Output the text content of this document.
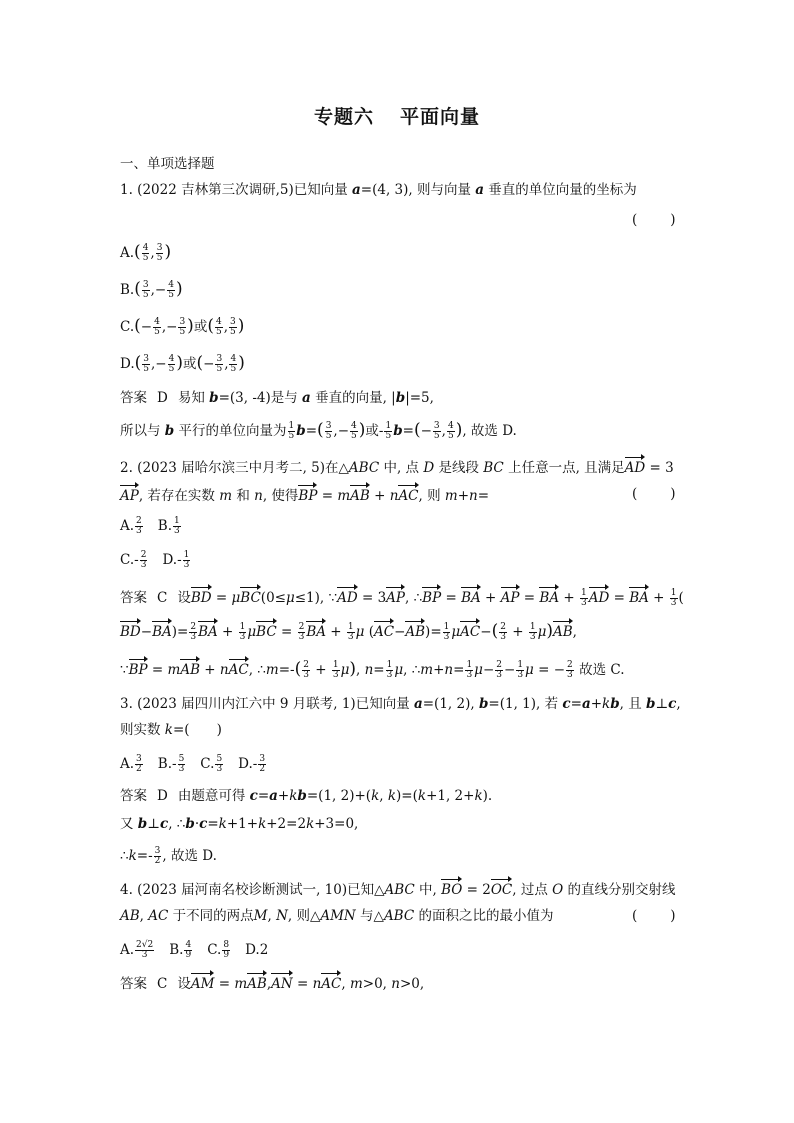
专题六 平面向量
一、单项选择题
1. (2022 吉林第三次调研,5)已知向量 a=(4, 3), 则与向量 a 垂直的单位向量的坐标为
(　　)
$A.( \frac{4}{5}$ , $\frac{3}{5}$ )
$B.( \frac{3}{5}$ ,− $\frac{4}{5}$ )
$C.(- \frac{4}{5}$ ,− $\frac{3}{5}$ )或( $\frac{4}{5}$ , $\frac{3}{5}$ )
$D.( \frac{3}{5}$ ,− $\frac{4}{5}$ )或(− $\frac{3}{5}$ , $\frac{4}{5}$ )
答案 D 易知 b=(3, -4)是与 a 垂直的向量, |b|=5,
所以与 b 平行的单位向量为 $\frac{1}{5} b=( \frac{3}{5}$ ,− $\frac{4}{5}$ )或- $\frac{1}{5} b=(- \frac{3}{5}$ , $\frac{4}{5}$ ), 故选 D.
2. (2023 届哈尔滨三中月考二, 5)在△ABC 中, 点 D 是线段 BC 上任意一点, 且满足AD = 3
AP, 若存在实数 m 和 n, 使得BP = mAB + nAC, 则 m+n=	(　　)
A. $\frac{2}{3} B$. $\frac{1}{3}$
$C.- \frac{2}{3} D.- \frac{1}{3}$
答案 C 设BD = μBC(0≤μ≤1), ∵AD = 3AP, ∴BP = BA + AP = BA + $\frac{1}{3}$ AD = BA + $\frac{1}{3}$ (
$BD-BA)= \frac{2}{3}$ BA + $\frac{1}{3}$ $\mu BC = \frac{2}{3}$ BA + $\frac{1}{3}$ μ $(AC-AB)= \frac{1}{3} \mu AC-( \frac{2}{3} + \frac{1}{3} \mu)AB$,
∵BP = mAB + nAC, ∴m=-( $\frac{2}{3} + \frac{1}{3} \mu$), $n= \frac{1}{3} \mu$, ∴m+n= $\frac{1}{3} \mu- \frac{2}{3} - \frac{1}{3}$ μ = − $\frac{2}{3}$ 故选 C.
3. (2023 届四川内江六中 9 月联考, 1)已知向量 a=(1, 2), b=(1, 1), 若 c=a+kb, 且 b⊥c,
则实数 k=(　　)
A. $\frac{3}{2} B.- \frac{5}{3} C$. $\frac{5}{3} D.- \frac{3}{2}$
答案 D 由题意可得 c=a+kb=(1, 2)+(k, k)=(k+1, 2+k).
又 b⊥c, ∴b·c=k+1+k+2=2k+3=0,
∴k=- $\frac{3}{2}$ , 故选 D.
4. (2023 届河南名校诊断测试一, 10)已知△ABC 中, BO = 2OC, 过点 O 的直线分别交射线
AB, AC 于不同的两点M, N, 则△AMN 与△ABC 的面积之比的最小值为	(　　)
A. $\frac{2√2}{3} B$. $\frac{4}{9} C$. $\frac{8}{9} D.2$
答案 C 设AM = mAB,AN = nAC, m>0, n>0,
